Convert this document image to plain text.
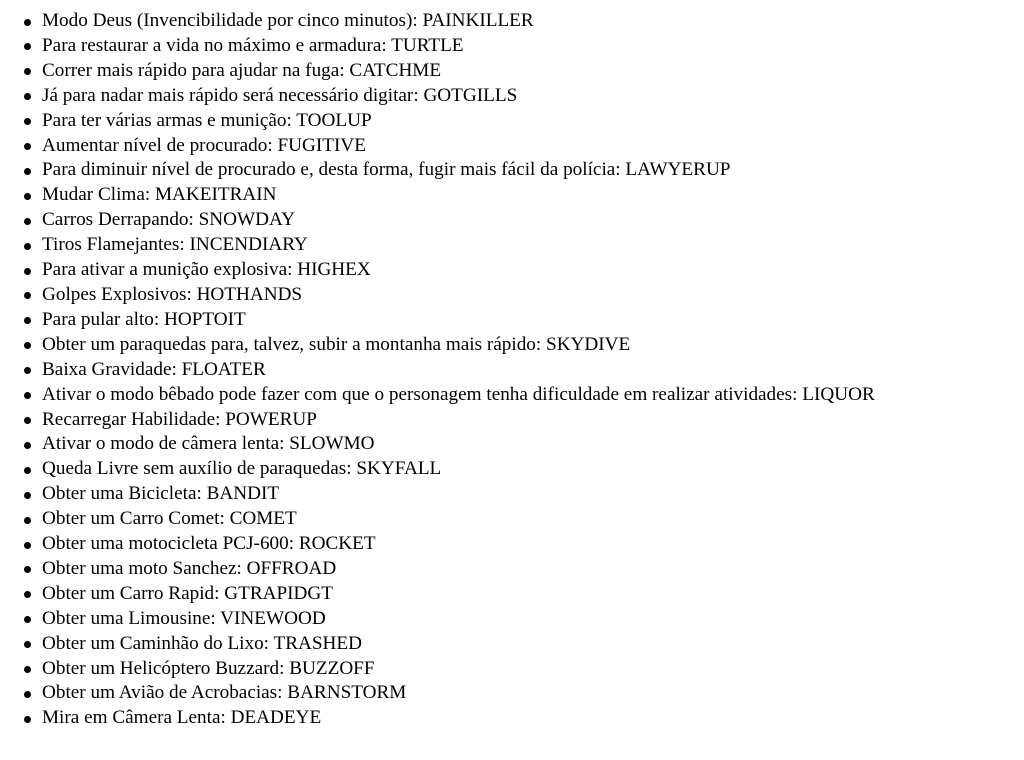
Modo Deus (Invencibilidade por cinco minutos): PAINKILLER
Para restaurar a vida no máximo e armadura: TURTLE
Correr mais rápido para ajudar na fuga: CATCHME
Já para nadar mais rápido será necessário digitar: GOTGILLS
Para ter várias armas e munição: TOOLUP
Aumentar nível de procurado: FUGITIVE
Para diminuir nível de procurado e, desta forma, fugir mais fácil da polícia: LAWYERUP
Mudar Clima: MAKEITRAIN
Carros Derrapando: SNOWDAY
Tiros Flamejantes: INCENDIARY
Para ativar a munição explosiva: HIGHEX
Golpes Explosivos: HOTHANDS
Para pular alto: HOPTOIT
Obter um paraquedas para, talvez, subir a montanha mais rápido: SKYDIVE
Baixa Gravidade: FLOATER
Ativar o modo bêbado pode fazer com que o personagem tenha dificuldade em realizar atividades: LIQUOR
Recarregar Habilidade: POWERUP
Ativar o modo de câmera lenta: SLOWMO
Queda Livre sem auxílio de paraquedas: SKYFALL
Obter uma Bicicleta: BANDIT
Obter um Carro Comet: COMET
Obter uma motocicleta PCJ-600: ROCKET
Obter uma moto Sanchez: OFFROAD
Obter um Carro Rapid: GTRAPIDGT
Obter uma Limousine: VINEWOOD
Obter um Caminhão do Lixo: TRASHED
Obter um Helicóptero Buzzard: BUZZOFF
Obter um Avião de Acrobacias: BARNSTORM
Mira em Câmera Lenta: DEADEYE
